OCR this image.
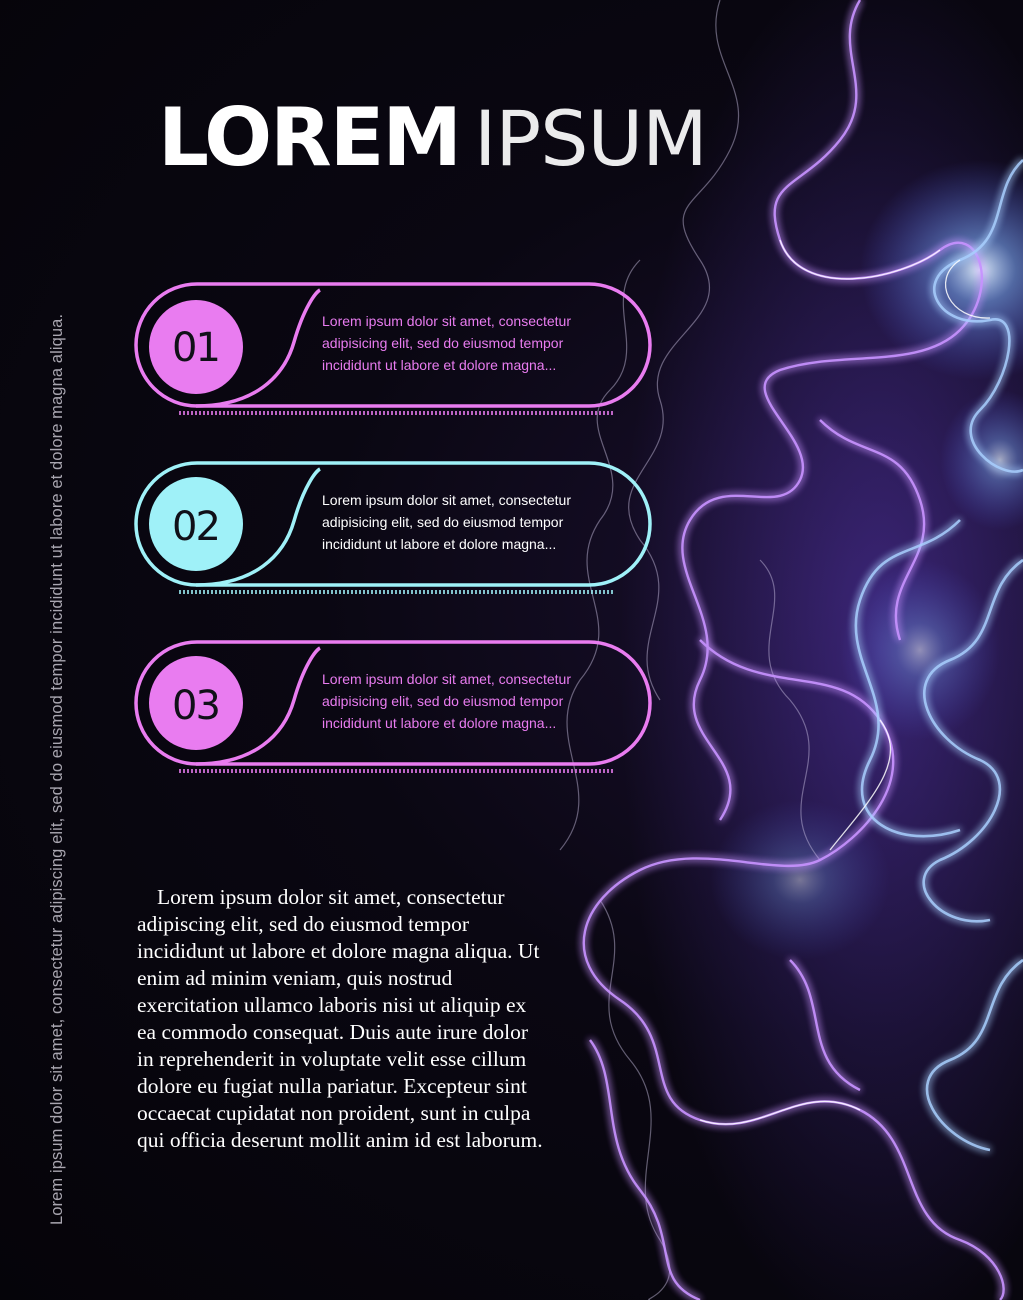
LOREM IPSUM
Lorem ipsum dolor sit amet, consectetur adipiscing elit, sed do eiusmod tempor incididunt ut labore et dolore magna aliqua.	01

Lorem ipsum dolor sit amet, consectetur adipisicing elit, sed do eiusmod tempor incididunt ut labore et dolore magna...

02

Lorem ipsum dolor sit amet, consectetur adipisicing elit, sed do eiusmod tempor incididunt ut labore et dolore magna...

03

Lorem ipsum dolor sit amet, consectetur adipisicing elit, sed do eiusmod tempor incididunt ut labore et dolore magna...

Lorem ipsum dolor sit amet, consectetur adipiscing elit, sed do eiusmod tempor incididunt ut labore et dolore magna aliqua. Ut enim ad minim veniam, quis nostrud exercitation ullamco laboris nisi ut aliquip ex ea commodo consequat. Duis aute irure dolor in reprehenderit in voluptate velit esse cillum dolore eu fugiat nulla pariatur. Excepteur sint occaecat cupidatat non proident, sunt in culpa qui officia deserunt mollit anim id est laborum.
